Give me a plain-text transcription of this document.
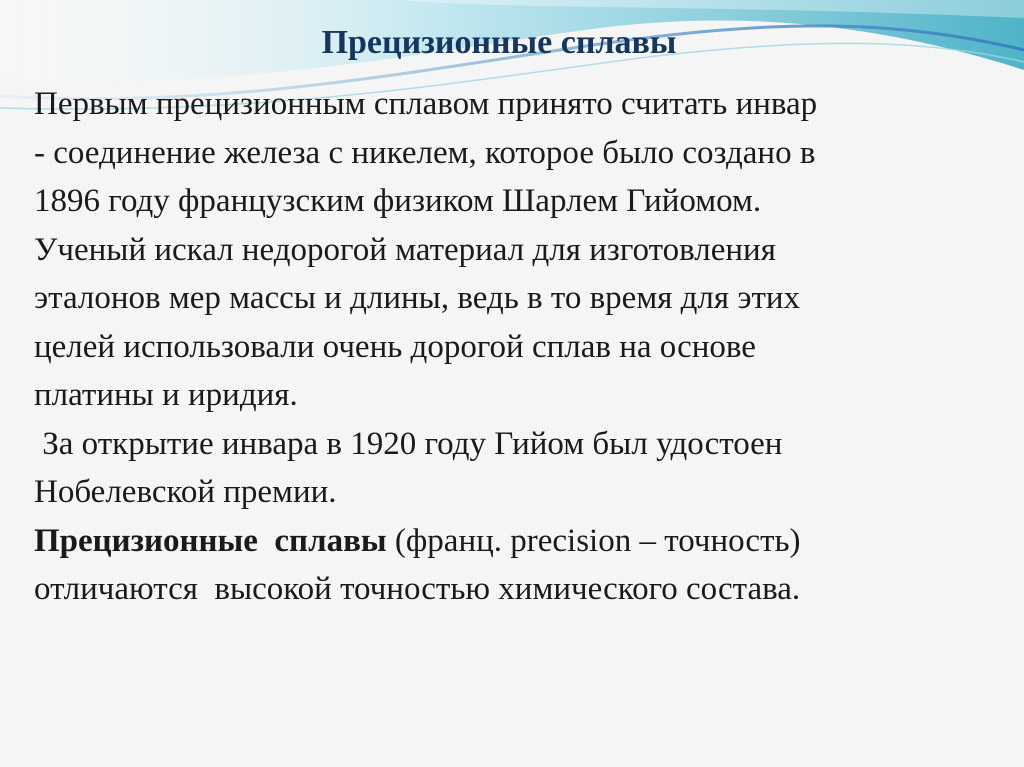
Прецизионные сплавы
Первым прецизионным сплавом принято считать инвар
- соединение железа с никелем, которое было создано в
1896 году французским физиком Шарлем Гийомом.
Ученый искал недорогой материал для изготовления
эталонов мер массы и длины, ведь в то время для этих
целей использовали очень дорогой сплав на основе
платины и иридия.
За открытие инвара в 1920 году Гийом был удостоен
Нобелевской премии.
Прецизионные  сплавы (франц. precision – точность)
отличаются  высокой точностью химического состава.
